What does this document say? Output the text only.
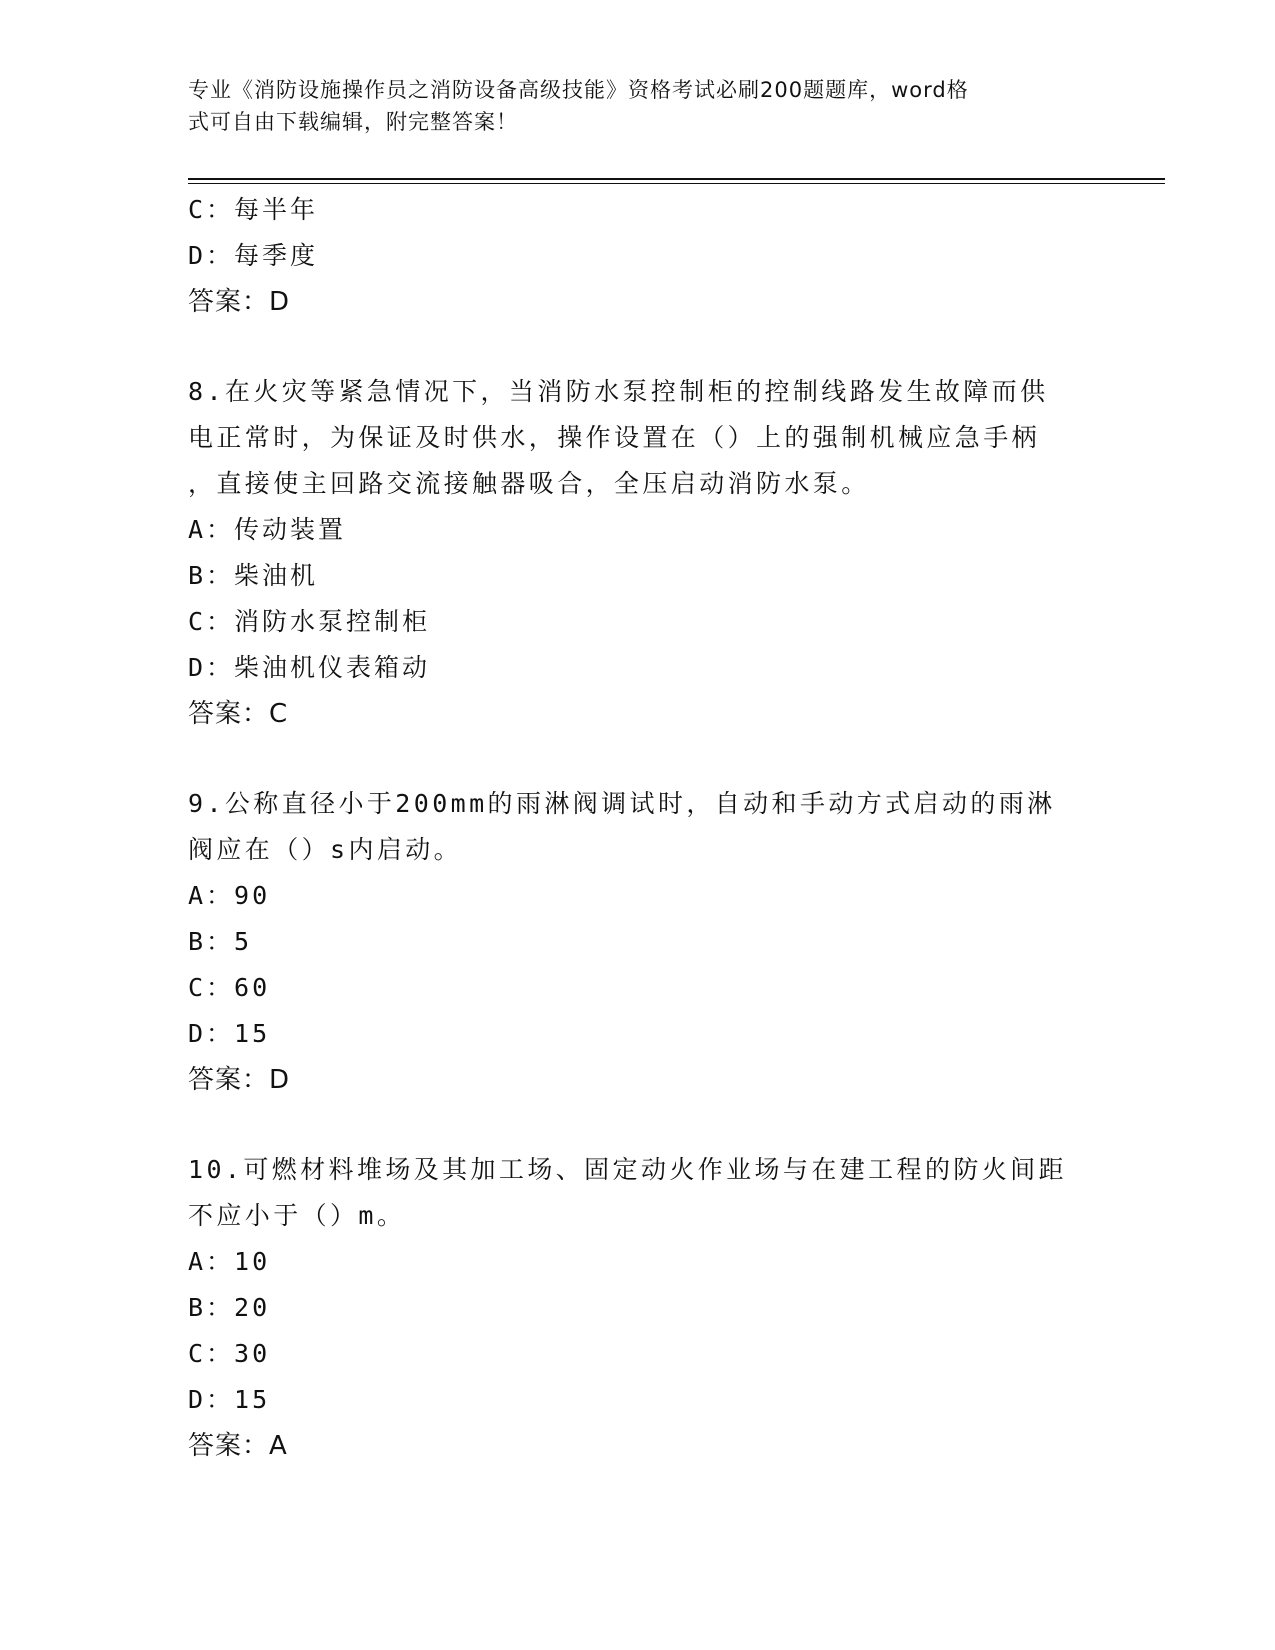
专业《消防设施操作员之消防设备高级技能》资格考试必刷200题题库，word格
式可自由下载编辑，附完整答案！
C：每半年
D：每季度
答案：D
8.在火灾等紧急情况下，当消防水泵控制柜的控制线路发生故障而供
电正常时，为保证及时供水，操作设置在（）上的强制机械应急手柄
，直接使主回路交流接触器吸合，全压启动消防水泵。
A：传动装置
B：柴油机
C：消防水泵控制柜
D：柴油机仪表箱动
答案：C
9.公称直径小于200mm的雨淋阀调试时，自动和手动方式启动的雨淋
阀应在（）s内启动。
A：90
B：5
C：60
D：15
答案：D
10.可燃材料堆场及其加工场、固定动火作业场与在建工程的防火间距
不应小于（）m。
A：10
B：20
C：30
D：15
答案：A
